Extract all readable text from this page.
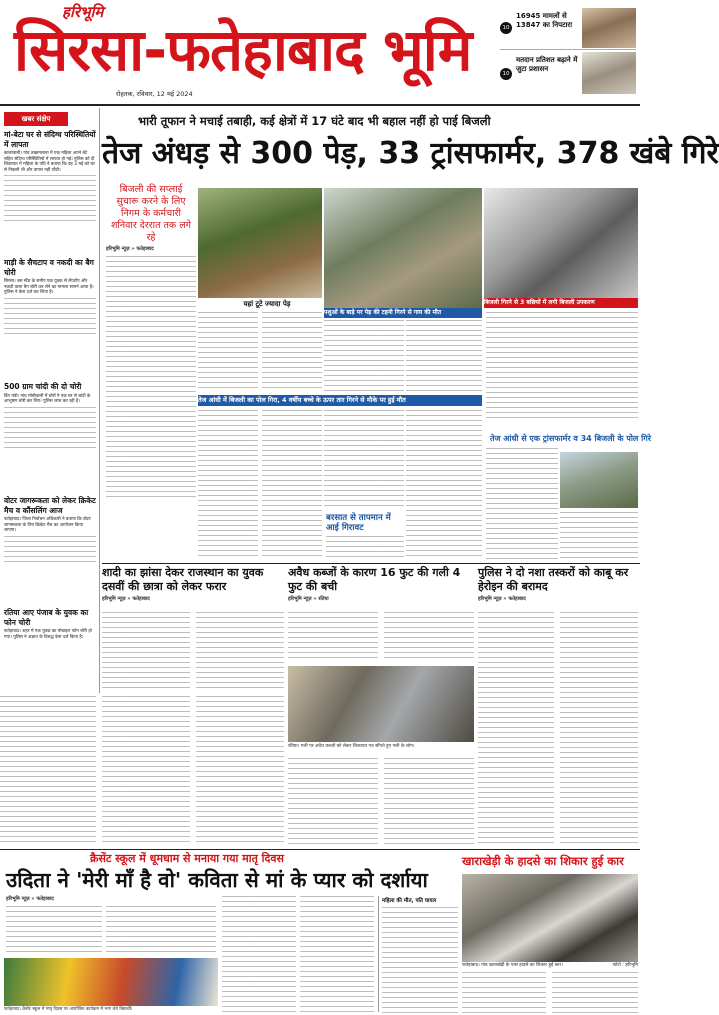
हरिभूमि
सिरसा-फतेहाबाद भूमि
रोहतक, रविवार, 12 मई 2024
10
16945 मामलों से 13847 का निपटारा
10
मतदान प्रतिशत बढ़ाने में जुटा प्रशासन
खबर संक्षेप
मां-बेटा घर से संदिग्ध परिस्थितियों में लापता
कालांवाली। गांव तख्तमलाना में एक महिला अपने बेटे सहित संदिग्ध परिस्थितियों में लापता हो गई। पुलिस को दी शिकायत में महिला के पति ने बताया कि वह 3 मई को घर से निकली थी और वापस नहीं लौटी।
माड़ी के सैचटाप व नकदी का बैग चोरी
सिरसा। बस स्टैंड के समीप एक युवक से लैपटॉप और नकदी वाला बैग चोरी कर लेने का मामला सामने आया है। पुलिस ने केस दर्ज कर लिया है।
500 ग्राम चांदी की दो चोरी
डिंग मंडी। गांव मोचीवाली में चोरों ने एक घर से चांदी के आभूषण चोरी कर लिए। पुलिस जांच कर रही है।
वोटर जागरूकता को लेकर क्रिकेट मैच व कौंसलिंग आज
फतेहाबाद। जिला निर्वाचन अधिकारी ने बताया कि वोटर जागरूकता के लिए क्रिकेट मैच का आयोजन किया जाएगा।
रतिया आए पंजाब के युवक का फोन चोरी
फतेहाबाद। शहर में एक युवक का मोबाइल फोन चोरी हो गया। पुलिस ने अज्ञात के विरुद्ध केस दर्ज किया है।
भारी तूफान ने मचाई तबाही, कई क्षेत्रों में 17 घंटे बाद भी बहाल नहीं हो पाई बिजली
तेज अंधड़ से 300 पेड़, 33 ट्रांसफार्मर, 378 खंबे गिरे
बिजली की सप्लाई सुचारू करने के लिए निगम के कर्मचारी शनिवार देररात तक लगे रहे
हरिभूमि न्यूज़ » फतेहाबाद
यहां टूटे ज्यादा पेड़
पशुओं के बाड़े पर पेड़ की टहनी गिरने से गाय की मौत
बिजली गिरने से 3 बछियों में लगी बिजली उपकरण
तेज आंधी में बिजली का पोल गिरा, 4 वर्षीय बच्चे के ऊपर तार गिरने से मौके पर हुई मौत
बरसात से तापमान में आई गिरावट
तेज आंधी से एक ट्रांसफार्मर व 34 बिजली के पोल गिरे
शादी का झांसा देकर राजस्थान का युवक दसवीं की छात्रा को लेकर फरार
हरिभूमि न्यूज़ » फतेहाबाद
अवैध कब्जों के कारण 16 फुट की गली 4 फुट की बची
हरिभूमि न्यूज़ » रतिया
रतिया। गली पर अवैध कब्जों को लेकर शिकायत पत्र सौंपते हुए गली के लोग।
पुलिस ने दो नशा तस्करों को काबू कर हेरोइन की बरामद
हरिभूमि न्यूज़ » फतेहाबाद
क्रैसेंट स्कूल में धूमधाम से मनाया गया मातृ दिवस
उदिता ने 'मेरी माँ है वो' कविता से मां के प्यार को दर्शाया
हरिभूमि न्यूज़ » फतेहाबाद
फतेहाबाद। क्रैसेंट स्कूल में मातृ दिवस पर आयोजित कार्यक्रम में भाग लेते विद्यार्थी।
महिला की मौत, पति घायल
खाराखेड़ी के हादसे का शिकार हुई कार
फतेहाबाद। गांव खाराखेड़ी के पास हादसे का शिकार हुई कार।	फोटो : हरिभूमि
